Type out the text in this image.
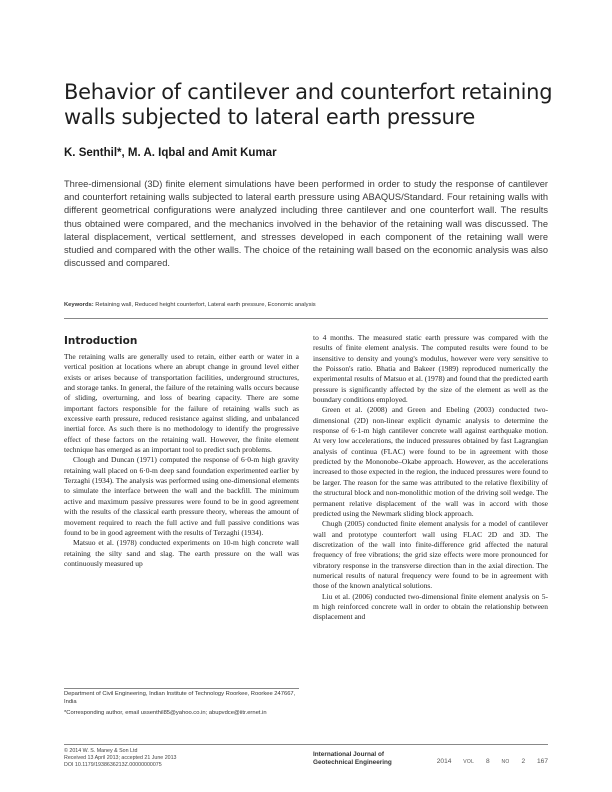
Behavior of cantilever and counterfort retaining walls subjected to lateral earth pressure
K. Senthil*, M. A. Iqbal and Amit Kumar

Three-dimensional (3D) finite element simulations have been performed in order to study the response of cantilever and counterfort retaining walls subjected to lateral earth pressure using ABAQUS/Standard. Four retaining walls with different geometrical configurations were analyzed including three cantilever and one counterfort wall. The results thus obtained were compared, and the mechanics involved in the behavior of the retaining wall was discussed. The lateral displacement, vertical settlement, and stresses developed in each component of the retaining wall were studied and compared with the other walls. The choice of the retaining wall based on the economic analysis was also discussed and compared.

Keywords: Retaining wall, Reduced height counterfort, Lateral earth pressure, Economic analysis
Introduction

The retaining walls are generally used to retain, either earth or water in a vertical position at locations where an abrupt change in ground level either exists or arises because of transportation facilities, underground structures, and storage tanks. In general, the failure of the retaining walls occurs because of sliding, overturning, and loss of bearing capacity. There are some important factors responsible for the failure of retaining walls such as excessive earth pressure, reduced resistance against sliding, and unbalanced inertial force. As such there is no methodology to identify the progressive effect of these factors on the retaining wall. However, the finite element technique has emerged as an important tool to predict such problems.

Clough and Duncan (1971) computed the response of 6·0-m high gravity retaining wall placed on 6·0-m deep sand foundation experimented earlier by Terzaghi (1934). The analysis was performed using one-dimensional elements to simulate the interface between the wall and the backfill. The minimum active and maximum passive pressures were found to be in good agreement with the results of the classical earth pressure theory, whereas the amount of movement required to reach the full active and full passive conditions was found to be in good agreement with the results of Terzaghi (1934).

Matsuo et al. (1978) conducted experiments on 10-m high concrete wall retaining the silty sand and slag. The earth pressure on the wall was continuously measured up

to 4 months. The measured static earth pressure was compared with the results of finite element analysis. The computed results were found to be insensitive to density and young's modulus, however were very sensitive to the Poisson's ratio. Bhatia and Bakeer (1989) reproduced numerically the experimental results of Matsuo et al. (1978) and found that the predicted earth pressure is significantly affected by the size of the element as well as the boundary conditions employed.

Green et al. (2008) and Green and Ebeling (2003) conducted two-dimensional (2D) non-linear explicit dynamic analysis to determine the response of 6·1-m high cantilever concrete wall against earthquake motion. At very low accelerations, the induced pressures obtained by fast Lagrangian analysis of continua (FLAC) were found to be in agreement with those predicted by the Mononobe–Okabe approach. However, as the accelerations increased to those expected in the region, the induced pressures were found to be larger. The reason for the same was attributed to the relative flexibility of the structural block and non-monolithic motion of the driving soil wedge. The permanent relative displacement of the wall was in accord with those predicted using the Newmark sliding block approach.

Chugh (2005) conducted finite element analysis for a model of cantilever wall and prototype counterfort wall using FLAC 2D and 3D. The discretization of the wall into finite-difference grid affected the natural frequency of free vibrations; the grid size effects were more pronounced for vibratory response in the transverse direction than in the axial direction. The numerical results of natural frequency were found to be in agreement with those of the known analytical solutions.

Liu et al. (2006) conducted two-dimensional finite element analysis on 5-m high reinforced concrete wall in order to obtain the relationship between displacement and

Department of Civil Engineering, Indian Institute of Technology Roorkee, Roorkee 247667, India
*Corresponding author, email ussenthil85@yahoo.co.in; abupvdce@iitr.ernet.in
© 2014 W. S. Maney & Son Ltd
Received 13 April 2013; accepted 21 June 2013
DOI 10.1179/1938636213Z.00000000075
International Journal of
Geotechnical Engineering	2014 VOL 8 NO 2 167
